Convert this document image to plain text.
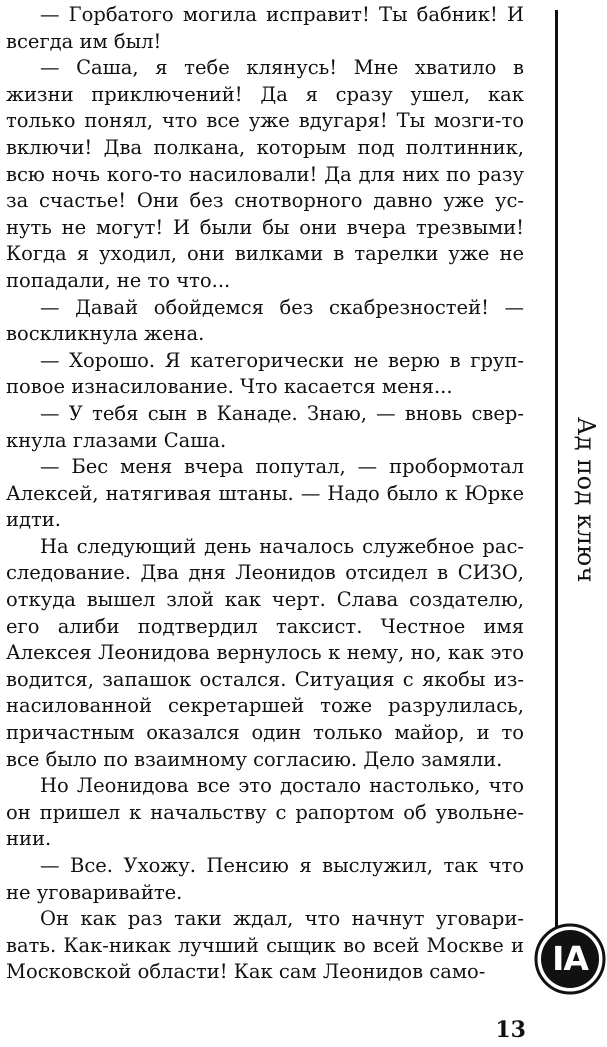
— Горбатого могила исправит! Ты бабник! И всегда им был!

— Саша, я тебе клянусь! Мне хватило в жизни приключений! Да я сразу ушел, как только понял, что все уже вдугаря! Ты мозги-то включи! Два полкана, которым под полтинник, всю ночь кого-то насиловали! Да для них по разу за счастье! Они без снотворного давно уже уснуть не могут! И были бы они вчера трезвыми! Когда я уходил, они вилками в тарелки уже не попадали, не то что...

— Давай обойдемся без скабрезностей! — воскликнула жена.

— Хорошо. Я категорически не верю в групповое изнасилование. Что касается меня...

— У тебя сын в Канаде. Знаю, — вновь сверкнула глазами Саша.

— Бес меня вчера попутал, — пробормотал Алексей, натягивая штаны. — Надо было к Юрке идти.

На следующий день началось служебное расследование. Два дня Леонидов отсидел в СИЗО, откуда вышел злой как черт. Слава создателю, его алиби подтвердил таксист. Честное имя Алексея Леонидова вернулось к нему, но, как это водится, запашок остался. Ситуация с якобы изнасилованной секретаршей тоже разрулилась, причастным оказался один только майор, и то все было по взаимному согласию. Дело замяли.

Но Леонидова все это достало настолько, что он пришел к начальству с рапортом об увольнении.

— Все. Ухожу. Пенсию я выслужил, так что не уговаривайте.

Он как раз таки ждал, что начнут уговаривать. Как-никак лучший сыщик во всей Москве и Московской области! Как сам Леонидов само-

Ад под ключ
IA
13
